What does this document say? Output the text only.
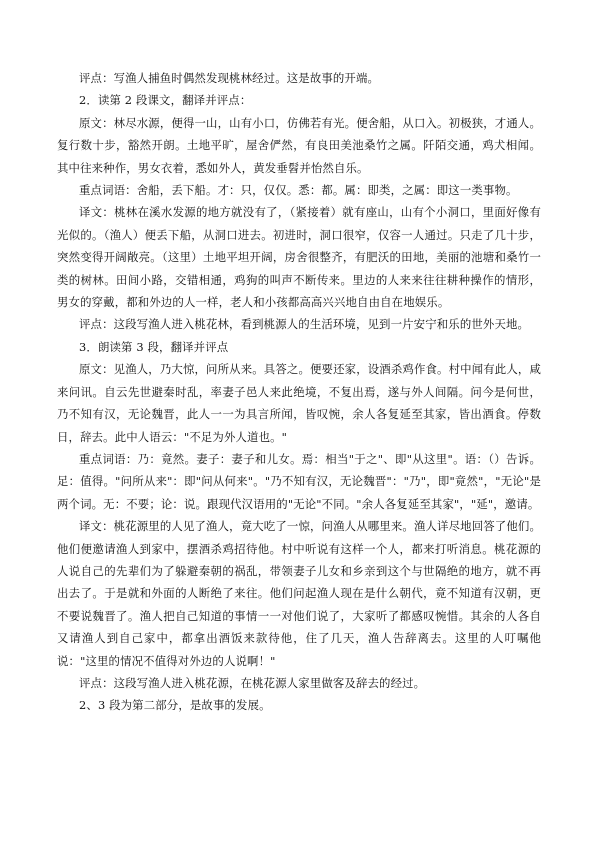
评点：写渔人捕鱼时偶然发现桃林经过。这是故事的开端。

2．读第 2 段课文，翻译并评点：

原文：林尽水源，便得一山，山有小口，仿佛若有光。便舍船，从口入。初极狭，才通人。复行数十步，豁然开朗。土地平旷，屋舍俨然，有良田美池桑竹之属。阡陌交通，鸡犬相闻。其中往来种作，男女衣着，悉如外人，黄发垂髫并怡然自乐。

重点词语：舍船，丢下船。才：只，仅仅。悉：都。属：即类，之属：即这一类事物。

译文：桃林在溪水发源的地方就没有了，（紧接着）就有座山，山有个小洞口，里面好像有光似的。（渔人）便丢下船，从洞口进去。初进时，洞口很窄，仅容一人通过。只走了几十步，突然变得开阔敞亮。（这里）土地平坦开阔，房舍很整齐，有肥沃的田地，美丽的池塘和桑竹一类的树林。田间小路，交错相通，鸡狗的叫声不断传来。里边的人来来往往耕种操作的情形，男女的穿戴，都和外边的人一样，老人和小孩都高高兴兴地自由自在地娱乐。

评点：这段写渔人进入桃花林，看到桃源人的生活环境，见到一片安宁和乐的世外天地。

3．朗读第 3 段，翻译并评点

原文：见渔人，乃大惊，问所从来。具答之。便要还家，设酒杀鸡作食。村中闻有此人，咸来问讯。自云先世避秦时乱，率妻子邑人来此绝境，不复出焉，遂与外人间隔。问今是何世，乃不知有汉，无论魏晋，此人一一为具言所闻，皆叹惋，余人各复延至其家，皆出酒食。停数日，辞去。此中人语云："不足为外人道也。"

重点词语：乃：竟然。妻子：妻子和儿女。焉：相当"于之"、即"从这里"。语：（）告诉。足：值得。"问所从来"：即"问从何来"。"乃不知有汉，无论魏晋"："乃"，即"竟然"，"无论"是两个词。无：不要；论：说。跟现代汉语用的"无论"不同。"余人各复延至其家"，"延"，邀请。

译文：桃花源里的人见了渔人，竟大吃了一惊，问渔人从哪里来。渔人详尽地回答了他们。他们便邀请渔人到家中，摆酒杀鸡招待他。村中听说有这样一个人，都来打听消息。桃花源的人说自己的先辈们为了躲避秦朝的祸乱，带领妻子儿女和乡亲到这个与世隔绝的地方，就不再出去了。于是就和外面的人断绝了来往。他们问起渔人现在是什么朝代，竟不知道有汉朝，更不要说魏晋了。渔人把自己知道的事情一一对他们说了，大家听了都感叹惋惜。其余的人各自又请渔人到自己家中，都拿出酒饭来款待他，住了几天，渔人告辞离去。这里的人叮嘱他说："这里的情况不值得对外边的人说啊！"

评点：这段写渔人进入桃花源，在桃花源人家里做客及辞去的经过。

2、3 段为第二部分，是故事的发展。
